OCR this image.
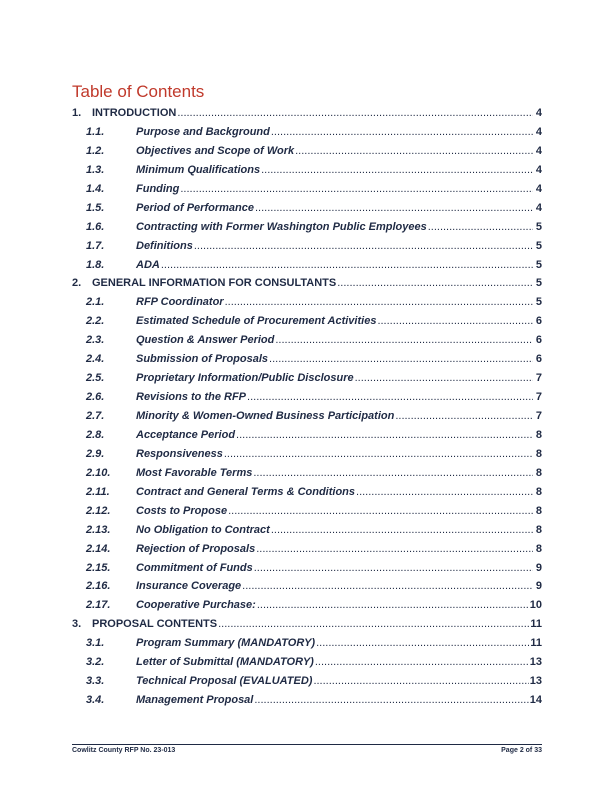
Table of Contents
1. INTRODUCTION .....	4
1.1.	Purpose and Background .....	4
1.2.	Objectives and Scope of Work .....	4
1.3.	Minimum Qualifications .....	4
1.4.	Funding .....	4
1.5.	Period of Performance .....	4
1.6.	Contracting with Former Washington Public Employees .....	5
1.7.	Definitions .....	5
1.8.	ADA .....	5
2. GENERAL INFORMATION FOR CONSULTANTS .....	5
2.1.	RFP Coordinator .....	5
2.2.	Estimated Schedule of Procurement Activities .....	6
2.3.	Question & Answer Period .....	6
2.4.	Submission of Proposals .....	6
2.5.	Proprietary Information/Public Disclosure .....	7
2.6.	Revisions to the RFP .....	7
2.7.	Minority & Women-Owned Business Participation .....	7
2.8.	Acceptance Period .....	8
2.9.	Responsiveness .....	8
2.10.	Most Favorable Terms .....	8
2.11.	Contract and General Terms & Conditions .....	8
2.12.	Costs to Propose .....	8
2.13.	No Obligation to Contract .....	8
2.14.	Rejection of Proposals .....	8
2.15.	Commitment of Funds .....	9
2.16.	Insurance Coverage .....	9
2.17.	Cooperative Purchase: .....	10
3. PROPOSAL CONTENTS .....	11
3.1.	Program Summary (MANDATORY) .....	11
3.2.	Letter of Submittal (MANDATORY) .....	13
3.3.	Technical Proposal (EVALUATED) .....	13
3.4.	Management Proposal .....	14
Cowlitz County RFP No. 23-013	Page 2 of 33
